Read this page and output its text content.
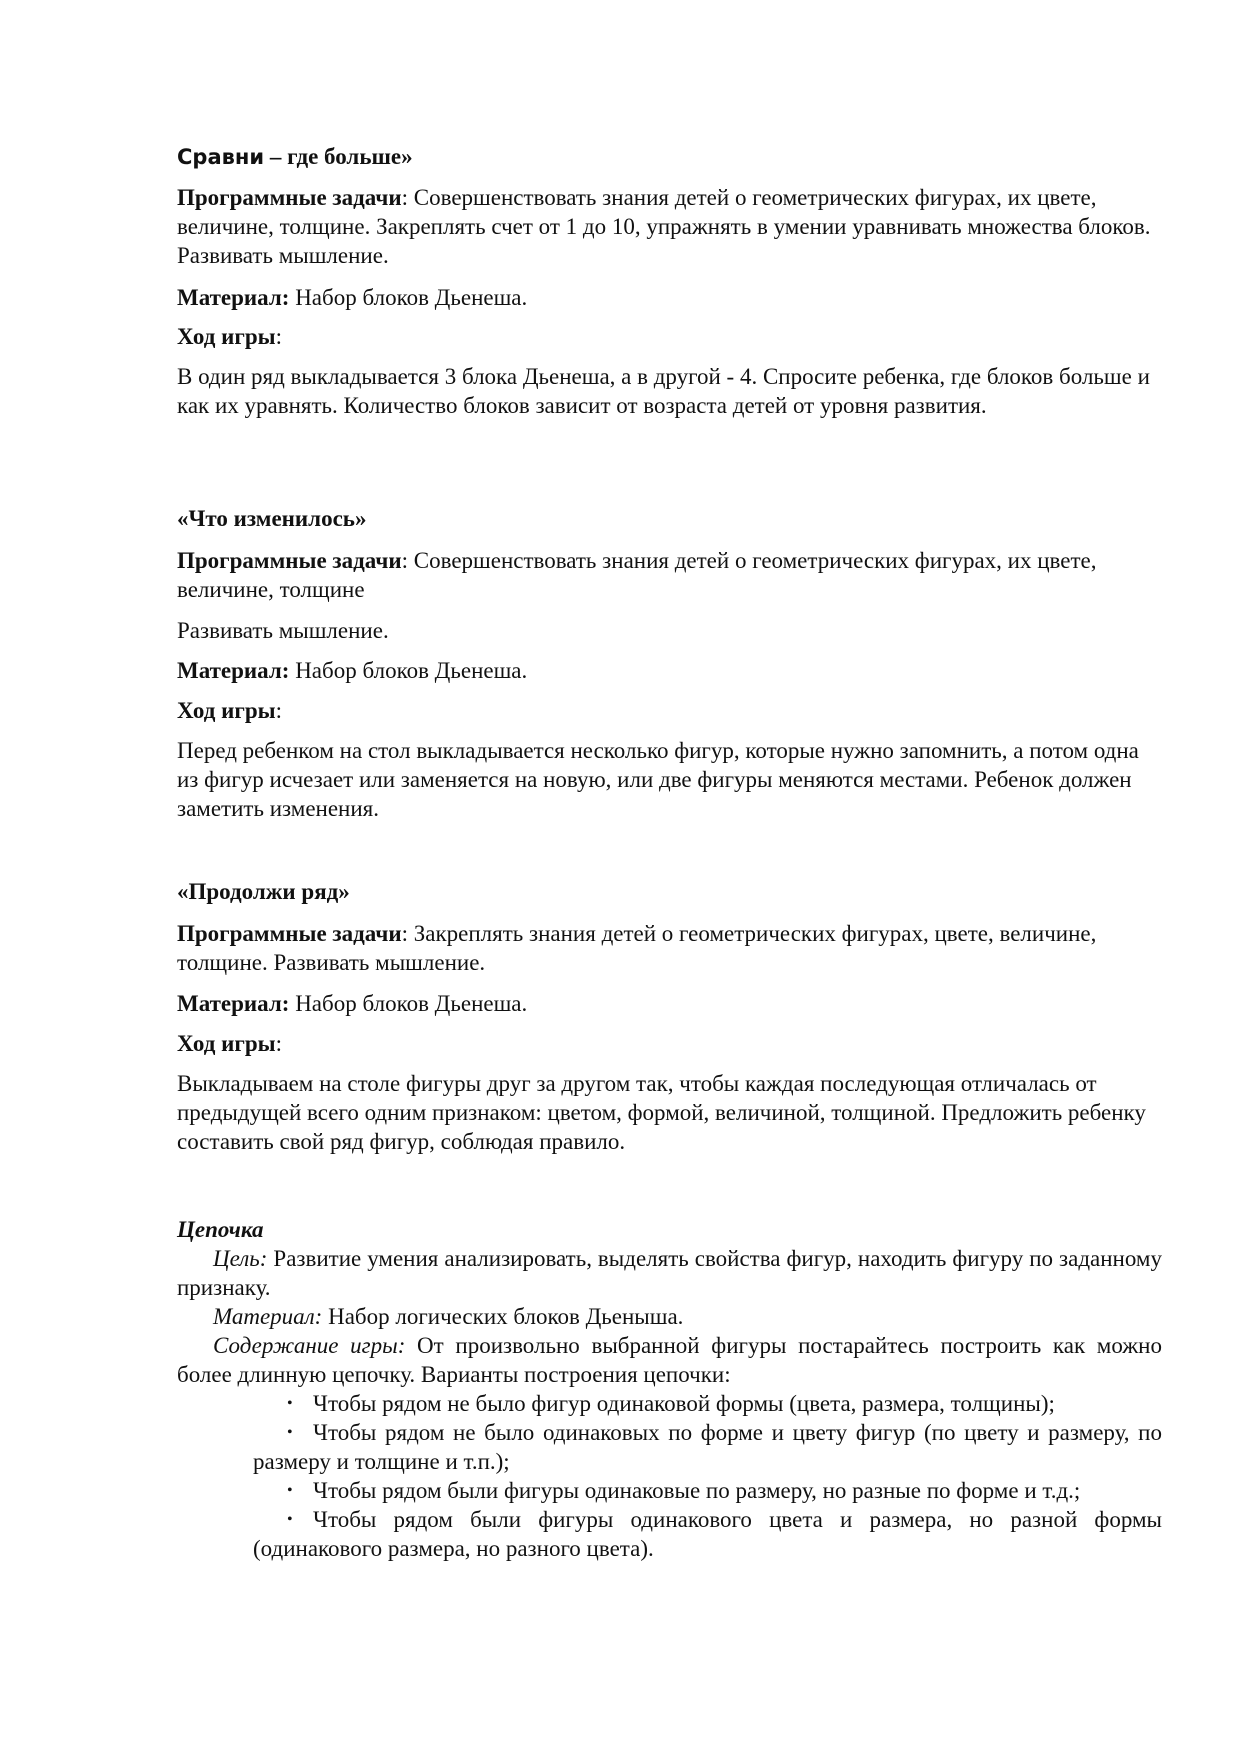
Сравни – где больше»

Программные задачи: Совершенствовать знания детей о геометрических фигурах, их цвете, величине, толщине. Закреплять счет от 1 до 10, упражнять в умении уравнивать множества блоков. Развивать мышление.

Материал: Набор блоков Дьенеша.

Ход игры:

В один ряд выкладывается 3 блока Дьенеша, а в другой - 4. Спросите ребенка, где блоков больше и как их уравнять. Количество блоков зависит от возраста детей от уровня развития.

«Что изменилось»

Программные задачи: Совершенствовать знания детей о геометрических фигурах, их цвете, величине, толщине

Развивать мышление.

Материал: Набор блоков Дьенеша.

Ход игры:

Перед ребенком на стол выкладывается несколько фигур, которые нужно запомнить, а потом одна из фигур исчезает или заменяется на новую, или две фигуры меняются местами. Ребенок должен заметить изменения.

«Продолжи ряд»

Программные задачи: Закреплять знания детей о геометрических фигурах, цвете, величине, толщине. Развивать мышление.

Материал: Набор блоков Дьенеша.

Ход игры:

Выкладываем на столе фигуры друг за другом так, чтобы каждая последующая отличалась от предыдущей всего одним признаком: цветом, формой, величиной, толщиной. Предложить ребенку составить свой ряд фигур, соблюдая правило.

Цепочка

Цель: Развитие умения анализировать, выделять свойства фигур, находить фигуру по заданному признаку.

Материал: Набор логических блоков Дьеныша.

Содержание игры: От произвольно выбранной фигуры постарайтесь построить как можно более длинную цепочку. Варианты построения цепочки:

• Чтобы рядом не было фигур одинаковой формы (цвета, размера, толщины);
• Чтобы рядом не было одинаковых по форме и цвету фигур (по цвету и размеру, по размеру и толщине и т.п.);
• Чтобы рядом были фигуры одинаковые по размеру, но разные по форме и т.д.;
• Чтобы рядом были фигуры одинакового цвета и размера, но разной формы (одинакового размера, но разного цвета).
